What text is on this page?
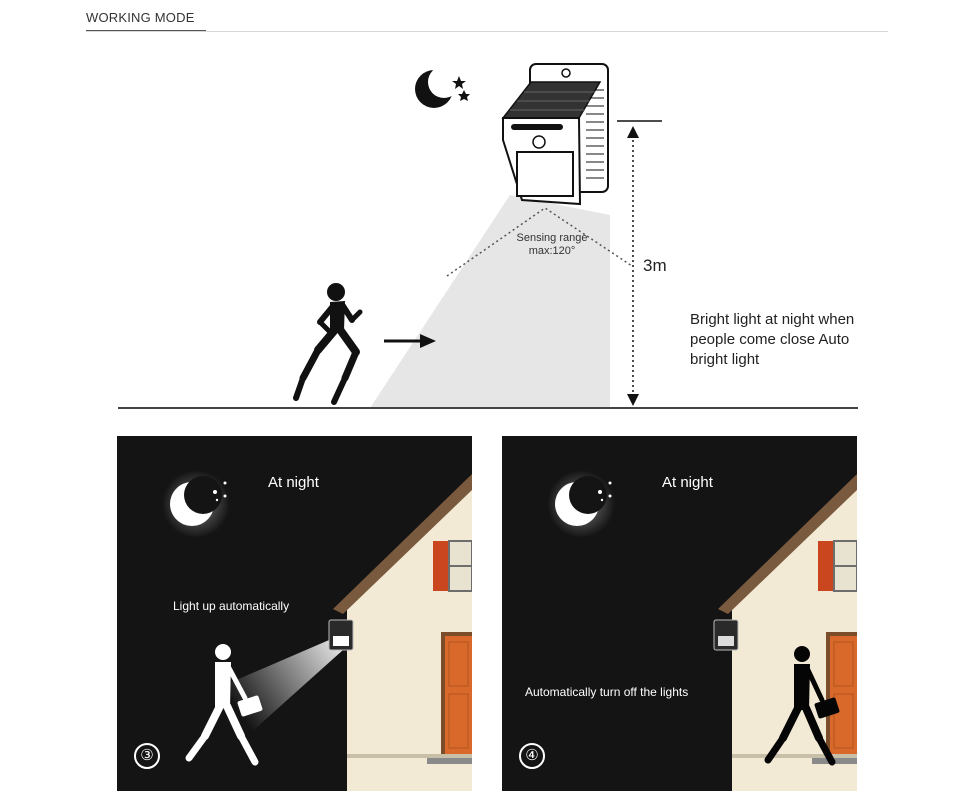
WORKING MODE
Sensing range
max:120°
3m
Bright light at night when people come close Auto bright light
At night
Light up automatically
③
At night
Automatically turn off the lights
④
